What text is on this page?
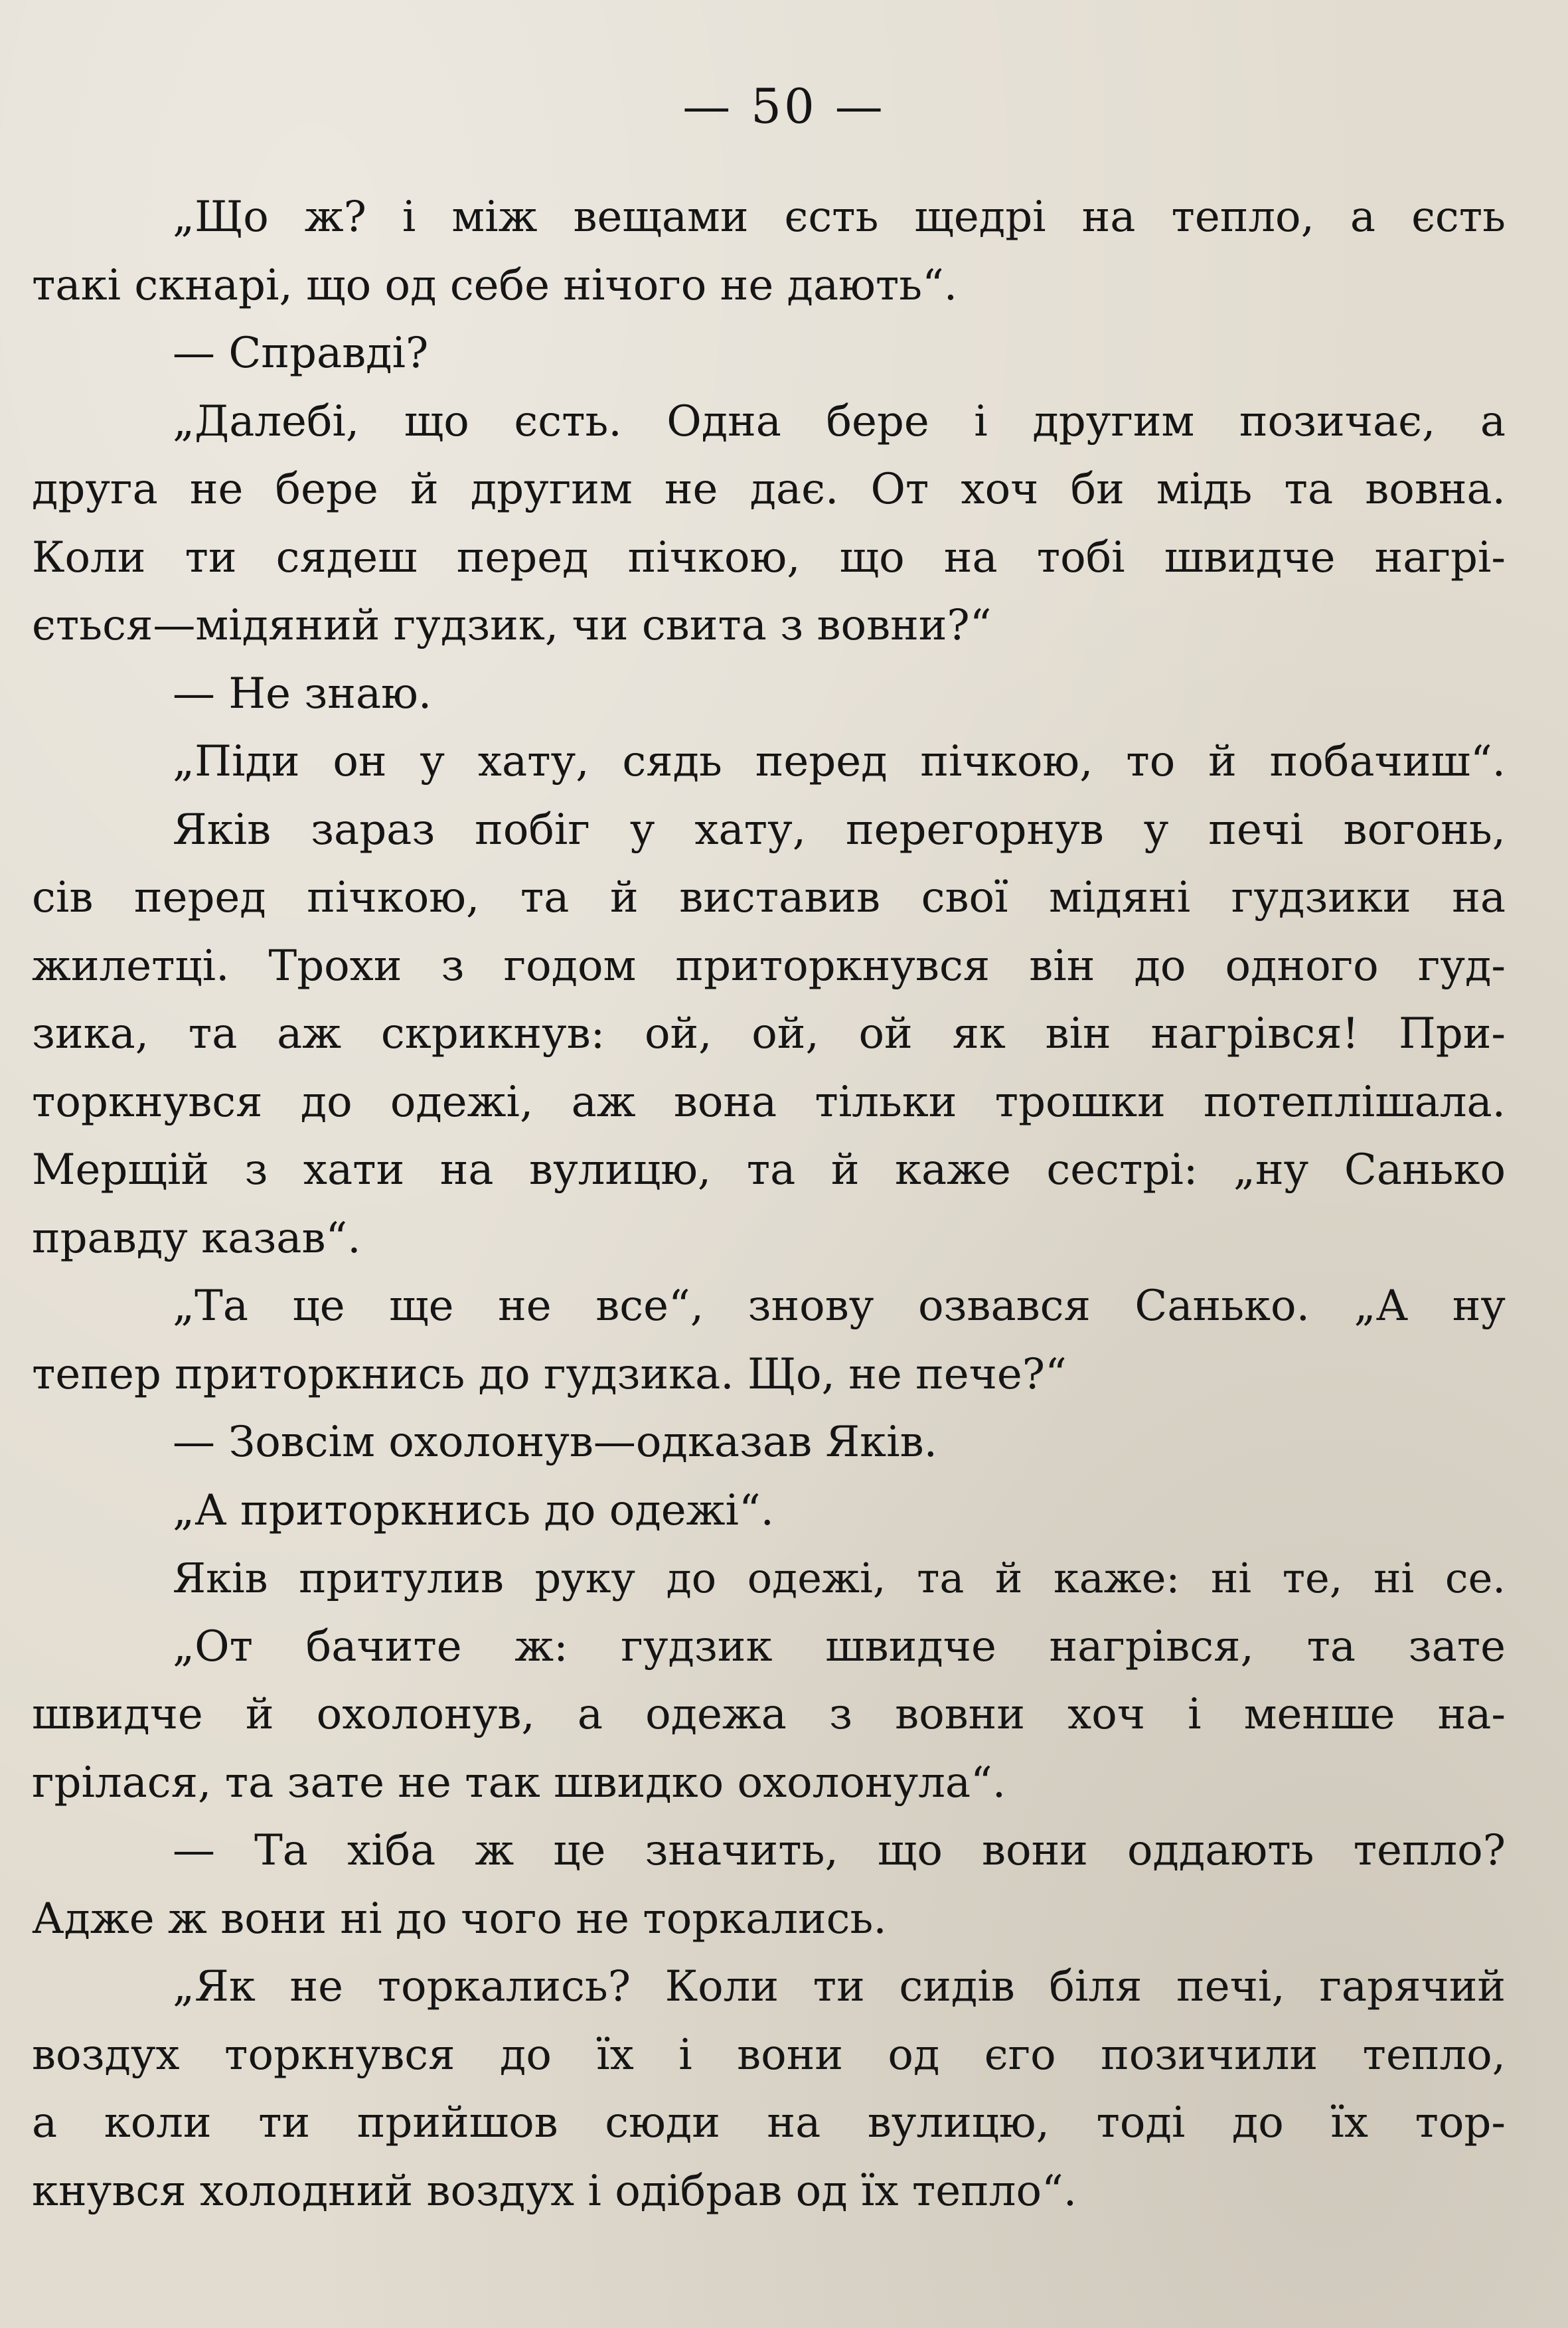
— 50 —
„Що ж? і між вещами єсть щедрі на тепло, а єсть
такі скнарі, що од себе нічого не дають“.
— Справді?
„Далебі, що єсть. Одна бере і другим позичає, а
друга не бере й другим не дає. От хоч би мідь та вовна.
Коли ти сядеш перед пічкою, що на тобі швидче нагрі-
ється—мідяний гудзик, чи свита з вовни?“
— Не знаю.
„Піди он у хату, сядь перед пічкою, то й побачиш“.
Яків зараз побіг у хату, перегорнув у печі вогонь,
сів перед пічкою, та й виставив свої мідяні гудзики на
жилетці. Трохи з годом приторкнувся він до одного гуд-
зика, та аж скрикнув: ой, ой, ой як він нагрівся! При-
торкнувся до одежі, аж вона тільки трошки потеплішала.
Мерщій з хати на вулицю, та й каже сестрі: „ну Санько
правду казав“.
„Та це ще не все“, знову озвався Санько. „А ну
тепер приторкнись до гудзика. Що, не пече?“
— Зовсім охолонув—одказав Яків.
„А приторкнись до одежі“.
Яків притулив руку до одежі, та й каже: ні те, ні се.
„От бачите ж: гудзик швидче нагрівся, та зате
швидче й охолонув, а одежа з вовни хоч і менше на-
грілася, та зате не так швидко охолонула“.
— Та хіба ж це значить, що вони оддають тепло?
Адже ж вони ні до чого не торкались.
„Як не торкались? Коли ти сидів біля печі, гарячий
воздух торкнувся до їх і вони од єго позичили тепло,
а коли ти прийшов сюди на вулицю, тоді до їх тор-
кнувся холодний воздух і одібрав од їх тепло“.
